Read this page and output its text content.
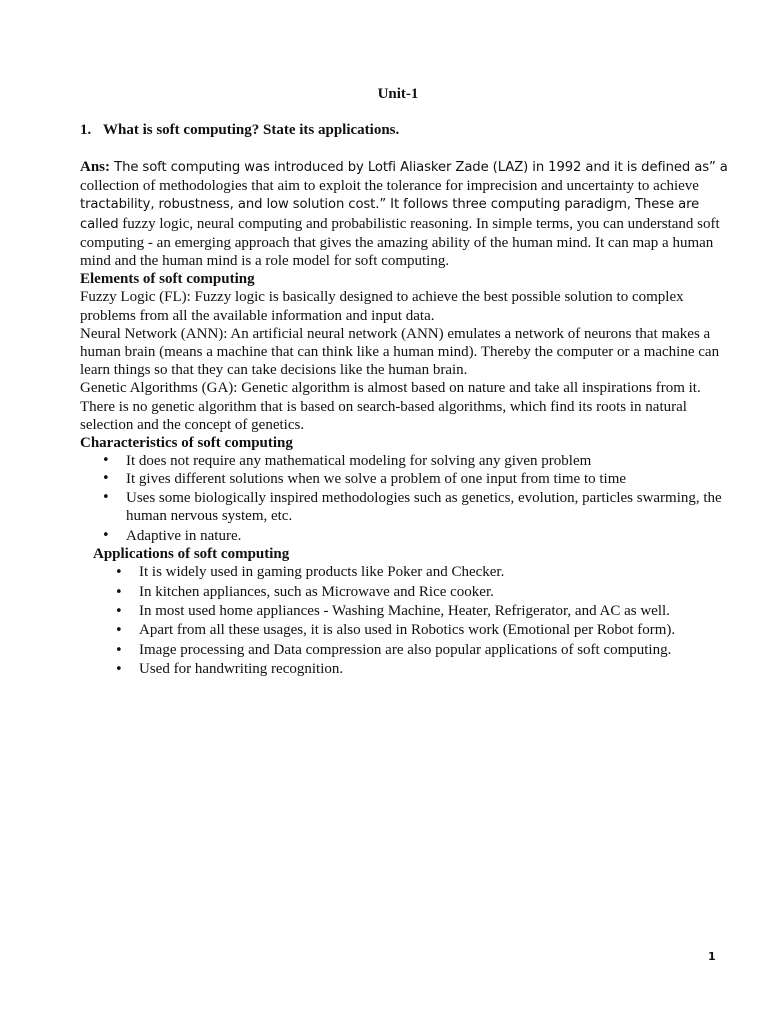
Unit-1
1. What is soft computing? State its applications.

Ans: The soft computing was introduced by Lotfi Aliasker Zade (LAZ) in 1992 and it is defined as” a
collection of methodologies that aim to exploit the tolerance for imprecision and uncertainty to achieve
tractability, robustness, and low solution cost.” It follows three computing paradigm, These are called fuzzy logic, neural computing and probabilistic reasoning. In simple terms, you can understand soft computing - an emerging approach that gives the amazing ability of the human mind. It can map a human mind and the human mind is a role model for soft computing.

Elements of soft computing

Fuzzy Logic (FL): Fuzzy logic is basically designed to achieve the best possible solution to complex problems from all the available information and input data.

Neural Network (ANN): An artificial neural network (ANN) emulates a network of neurons that makes a human brain (means a machine that can think like a human mind). Thereby the computer or a machine can learn things so that they can take decisions like the human brain.

Genetic Algorithms (GA): Genetic algorithm is almost based on nature and take all inspirations from it. There is no genetic algorithm that is based on search-based algorithms, which find its roots in natural selection and the concept of genetics.

Characteristics of soft computing
• It does not require any mathematical modeling for solving any given problem
• It gives different solutions when we solve a problem of one input from time to time
• Uses some biologically inspired methodologies such as genetics, evolution, particles swarming, the human nervous system, etc.
• Adaptive in nature.
Applications of soft computing
• It is widely used in gaming products like Poker and Checker.
• In kitchen appliances, such as Microwave and Rice cooker.
• In most used home appliances - Washing Machine, Heater, Refrigerator, and AC as well.
• Apart from all these usages, it is also used in Robotics work (Emotional per Robot form).
• Image processing and Data compression are also popular applications of soft computing.
• Used for handwriting recognition.
1
